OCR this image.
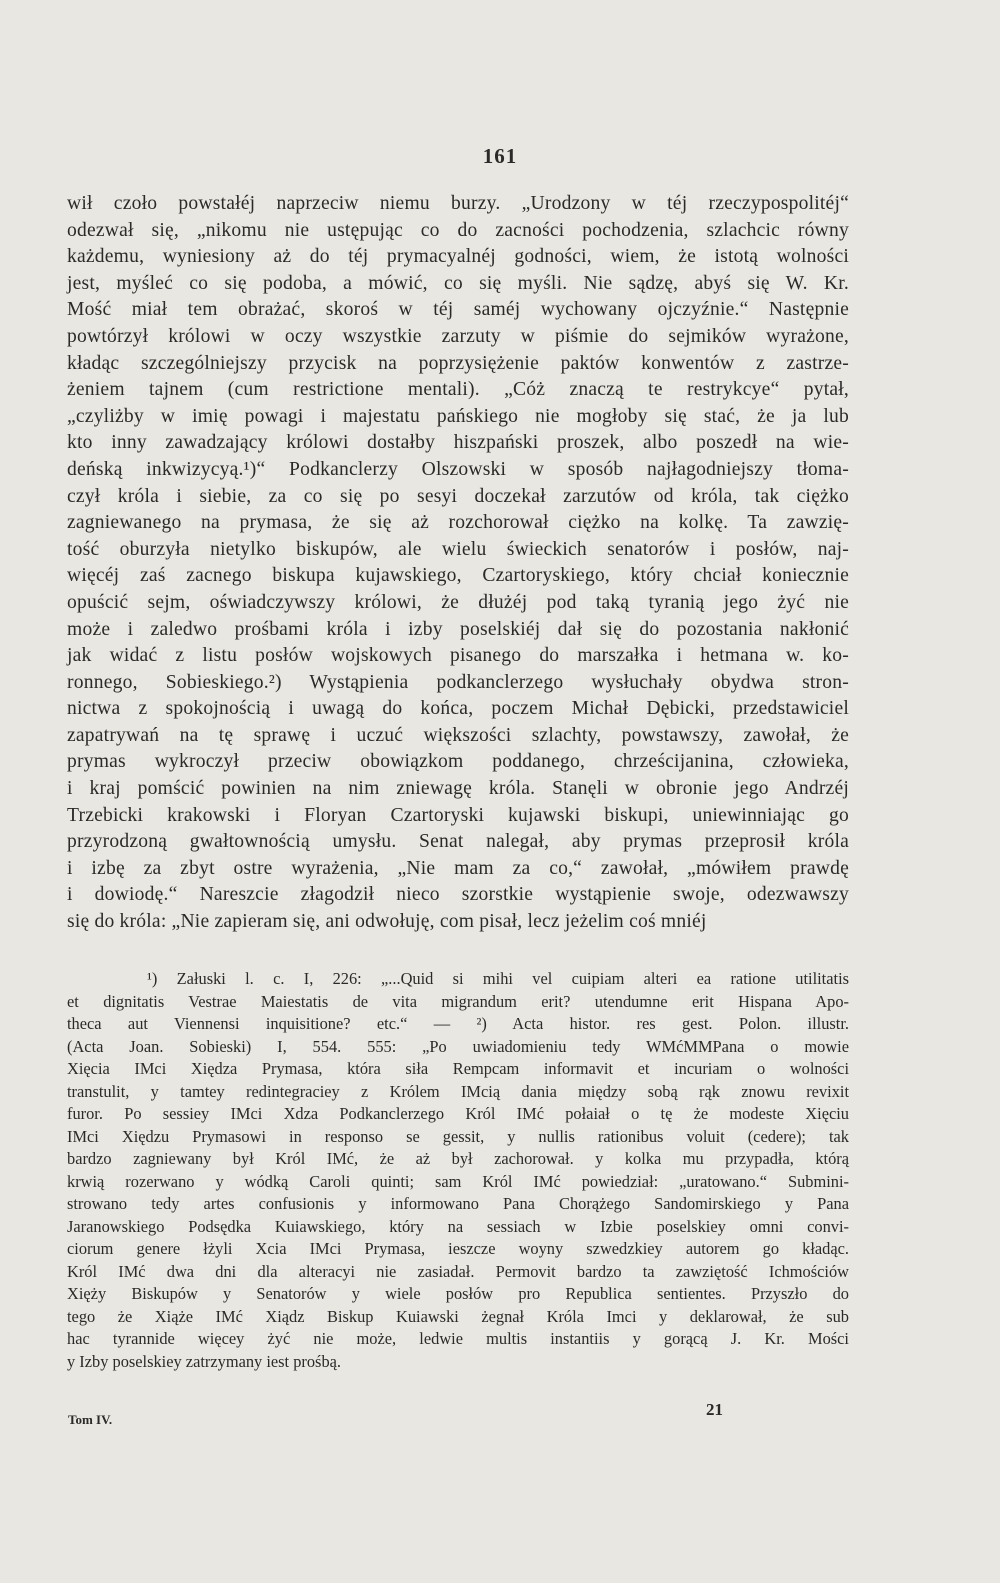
161
wił czoło powstałéj naprzeciw niemu burzy. „Urodzony w téj rzeczypospolitéj“
odezwał się, „nikomu nie ustępując co do zacności pochodzenia, szlachcic równy
każdemu, wyniesiony aż do téj prymacyalnéj godności, wiem, że istotą wolności
jest, myśleć co się podoba, a mówić, co się myśli. Nie sądzę, abyś się W. Kr.
Mość miał tem obrażać, skoroś w téj saméj wychowany ojczyźnie.“ Następnie
powtórzył królowi w oczy wszystkie zarzuty w piśmie do sejmików wyrażone,
kładąc szczególniejszy przycisk na poprzysiężenie paktów konwentów z zastrze-
żeniem tajnem (cum restrictione mentali). „Cóż znaczą te restrykcye“ pytał,
„czyliżby w imię powagi i majestatu pańskiego nie mogłoby się stać, że ja lub
kto inny zawadzający królowi dostałby hiszpański proszek, albo poszedł na wie-
deńską inkwizycyą.¹)“ Podkanclerzy Olszowski w sposób najłagodniejszy tłoma-
czył króla i siebie, za co się po sesyi doczekał zarzutów od króla, tak ciężko
zagniewanego na prymasa, że się aż rozchorował ciężko na kolkę. Ta zawzię-
tość oburzyła nietylko biskupów, ale wielu świeckich senatorów i posłów, naj-
więcéj zaś zacnego biskupa kujawskiego, Czartoryskiego, który chciał koniecznie
opuścić sejm, oświadczywszy królowi, że dłużéj pod taką tyranią jego żyć nie
może i zaledwo prośbami króla i izby poselskiéj dał się do pozostania nakłonić
jak widać z listu posłów wojskowych pisanego do marszałka i hetmana w. ko-
ronnego, Sobieskiego.²) Wystąpienia podkanclerzego wysłuchały obydwa stron-
nictwa z spokojnością i uwagą do końca, poczem Michał Dębicki, przedstawiciel
zapatrywań na tę sprawę i uczuć większości szlachty, powstawszy, zawołał, że
prymas wykroczył przeciw obowiązkom poddanego, chrześcijanina, człowieka,
i kraj pomścić powinien na nim zniewagę króla. Stanęli w obronie jego Andrzéj
Trzebicki krakowski i Floryan Czartoryski kujawski biskupi, uniewinniając go
przyrodzoną gwałtownością umysłu. Senat nalegał, aby prymas przeprosił króla
i izbę za zbyt ostre wyrażenia, „Nie mam za co,“ zawołał, „mówiłem prawdę
i dowiodę.“ Nareszcie złagodził nieco szorstkie wystąpienie swoje, odezwawszy
się do króla: „Nie zapieram się, ani odwołuję, com pisał, lecz jeżelim coś mniéj
¹) Załuski l. c. I, 226: „...Quid si mihi vel cuipiam alteri ea ratione utilitatis
et dignitatis Vestrae Maiestatis de vita migrandum erit? utendumne erit Hispana Apo-
theca aut Viennensi inquisitione? etc.“ — ²) Acta histor. res gest. Polon. illustr.
(Acta Joan. Sobieski) I, 554. 555: „Po uwiadomieniu tedy WMćMMPana o mowie
Xięcia IMci Xiędza Prymasa, która siła Rempcam informavit et incuriam o wolności
transtulit, y tamtey redintegraciey z Królem IMcią dania między sobą rąk znowu revixit
furor. Po sessiey IMci Xdza Podkanclerzego Król IMć połaiał o tę że modeste Xięciu
IMci Xiędzu Prymasowi in responso se gessit, y nullis rationibus voluit (cedere); tak
bardzo zagniewany był Król IMć, że aż był zachorował. y kolka mu przypadła, którą
krwią rozerwano y wódką Caroli quinti; sam Król IMć powiedział: „uratowano.“ Submini-
strowano tedy artes confusionis y informowano Pana Chorążego Sandomirskiego y Pana
Jaranowskiego Podsędka Kuiawskiego, który na sessiach w Izbie poselskiey omni convi-
ciorum genere łżyli Xcia IMci Prymasa, ieszcze woyny szwedzkiey autorem go kładąc.
Król IMć dwa dni dla alteracyi nie zasiadał. Permovit bardzo ta zawziętość Ichmościów
Xięży Biskupów y Senatorów y wiele posłów pro Republica sentientes. Przyszło do
tego że Xiąże IMć Xiądz Biskup Kuiawski żegnał Króla Imci y deklarował, że sub
hac tyrannide więcey żyć nie może, ledwie multis instantiis y gorącą J. Kr. Mości
y Izby poselskiey zatrzymany iest prośbą.
Tom IV.
21
